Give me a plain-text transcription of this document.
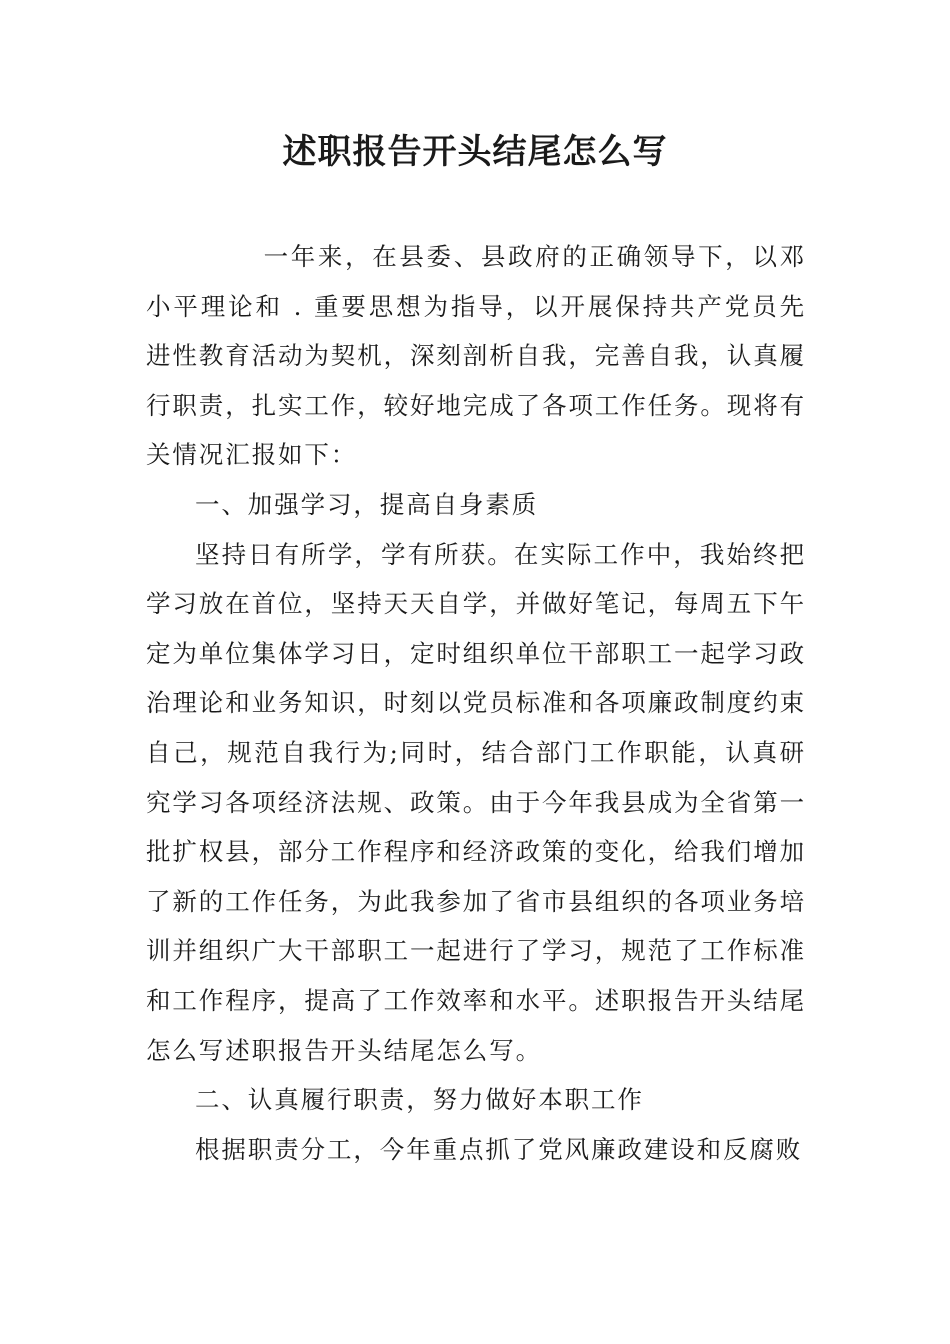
述职报告开头结尾怎么写

一年来，在县委、县政府的正确领导下，以邓小平理论和 . 重要思想为指导，以开展保持共产党员先进性教育活动为契机，深刻剖析自我，完善自我，认真履行职责，扎实工作，较好地完成了各项工作任务。现将有关情况汇报如下：

一、加强学习，提高自身素质

坚持日有所学，学有所获。在实际工作中，我始终把学习放在首位，坚持天天自学，并做好笔记，每周五下午定为单位集体学习日，定时组织单位干部职工一起学习政治理论和业务知识，时刻以党员标准和各项廉政制度约束自己，规范自我行为;同时，结合部门工作职能，认真研究学习各项经济法规、政策。由于今年我县成为全省第一批扩权县，部分工作程序和经济政策的变化，给我们增加了新的工作任务，为此我参加了省市县组织的各项业务培训并组织广大干部职工一起进行了学习，规范了工作标准和工作程序，提高了工作效率和水平。述职报告开头结尾怎么写述职报告开头结尾怎么写。

二、认真履行职责，努力做好本职工作

根据职责分工，今年重点抓了党风廉政建设和反腐败
